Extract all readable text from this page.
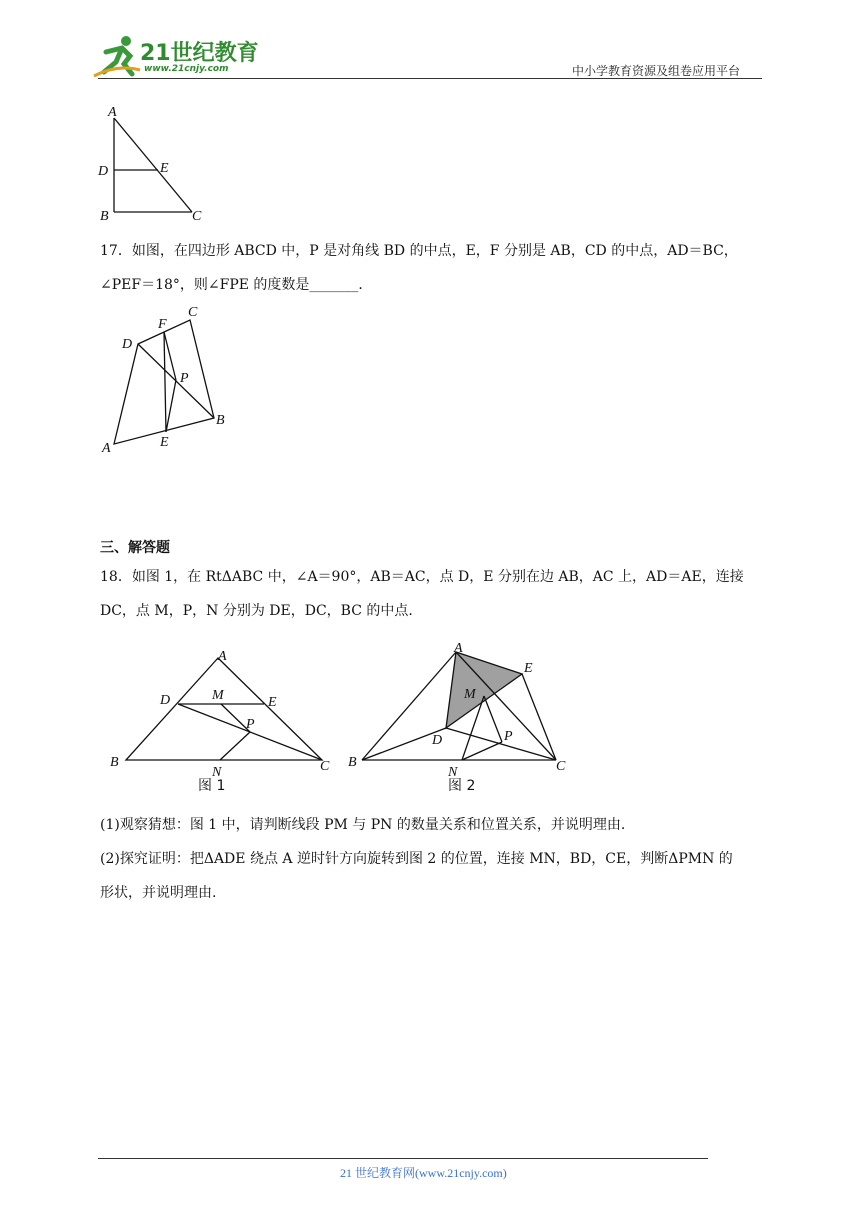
21世纪教育
www.21cnjy.com	中小学教育资源及组卷应用平台
A
D	E
B	C
17．如图，在四边形 ABCD 中，P 是对角线 BD 的中点，E，F 分别是 AB，CD 的中点，AD＝BC，
∠PEF＝18°，则∠FPE 的度数是_______．
A
B
C
D
E
F
P
三、解答题
18．如图 1，在 RtΔABC 中，∠A＝90°，AB＝AC，点 D，E 分别在边 AB，AC 上，AD＝AE，连接
DC，点 M，P，N 分别为 DE，DC，BC 的中点.
A
B	C
D	E
M
N
P
图 1
A
B	C
D
E
M
N
P
图 2
(1)观察猜想：图 1 中，请判断线段 PM 与 PN 的数量关系和位置关系，并说明理由.
(2)探究证明：把ΔADE 绕点 A 逆时针方向旋转到图 2 的位置，连接 MN，BD，CE，判断ΔPMN 的
形状，并说明理由.
21 世纪教育网(www.21cnjy.com)
